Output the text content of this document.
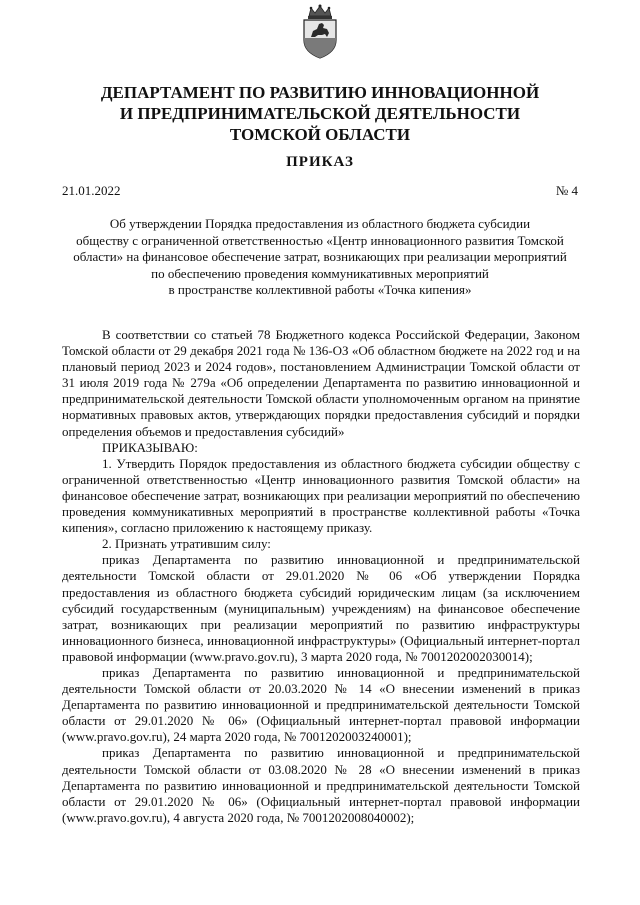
ДЕПАРТАМЕНТ ПО РАЗВИТИЮ ИННОВАЦИОННОЙ
И ПРЕДПРИНИМАТЕЛЬСКОЙ ДЕЯТЕЛЬНОСТИ
ТОМСКОЙ ОБЛАСТИ
ПРИКАЗ
21.01.2022	№ 4

Об утверждении Порядка предоставления из областного бюджета субсидии
обществу с ограниченной ответственностью «Центр инновационного развития Томской
области» на финансовое обеспечение затрат, возникающих при реализации мероприятий
по обеспечению проведения коммуникативных мероприятий
в пространстве коллективной работы «Точка кипения»

В соответствии со статьей 78 Бюджетного кодекса Российской Федерации, Законом Томской области от 29 декабря 2021 года № 136-ОЗ «Об областном бюджете на 2022 год и на плановый период 2023 и 2024 годов», постановлением Администрации Томской области от 31 июля 2019 года № 279а «Об определении Департамента по развитию инновационной и предпринимательской деятельности Томской области уполномоченным органом на принятие нормативных правовых актов, утверждающих порядки предоставления субсидий и порядки определения объемов и предоставления субсидий»

ПРИКАЗЫВАЮ:

1. Утвердить Порядок предоставления из областного бюджета субсидии обществу с ограниченной ответственностью «Центр инновационного развития Томской области» на финансовое обеспечение затрат, возникающих при реализации мероприятий по обеспечению проведения коммуникативных мероприятий в пространстве коллективной работы «Точка кипения», согласно приложению к настоящему приказу.

2. Признать утратившим силу:

приказ Департамента по развитию инновационной и предпринимательской деятельности Томской области от 29.01.2020 № 06 «Об утверждении Порядка предоставления из областного бюджета субсидий юридическим лицам (за исключением субсидий государственным (муниципальным) учреждениям) на финансовое обеспечение затрат, возникающих при реализации мероприятий по развитию инфраструктуры инновационного бизнеса, инновационной инфраструктуры» (Официальный интернет-портал правовой информации (www.pravo.gov.ru), 3 марта 2020 года, № 7001202002030014);

приказ Департамента по развитию инновационной и предпринимательской деятельности Томской области от 20.03.2020 № 14 «О внесении изменений в приказ Департамента по развитию инновационной и предпринимательской деятельности Томской области от 29.01.2020 № 06» (Официальный интернет-портал правовой информации (www.pravo.gov.ru), 24 марта 2020 года, № 7001202003240001);

приказ Департамента по развитию инновационной и предпринимательской деятельности Томской области от 03.08.2020 № 28 «О внесении изменений в приказ Департамента по развитию инновационной и предпринимательской деятельности Томской области от 29.01.2020 № 06» (Официальный интернет-портал правовой информации (www.pravo.gov.ru), 4 августа 2020 года, № 7001202008040002);
